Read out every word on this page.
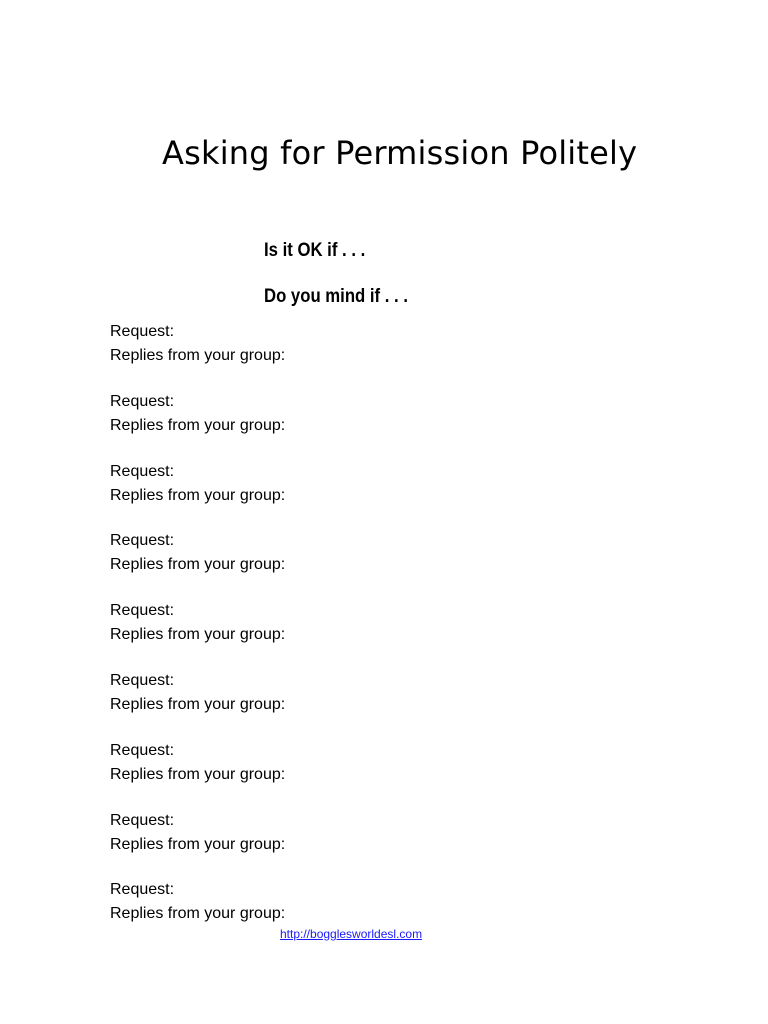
Asking for Permission Politely
Is it OK if . . .
Do you mind if . . .
Request:
Replies from your group:
Request:
Replies from your group:
Request:
Replies from your group:
Request:
Replies from your group:
Request:
Replies from your group:
Request:
Replies from your group:
Request:
Replies from your group:
Request:
Replies from your group:
Request:
Replies from your group:
http://bogglesworldesl.com
